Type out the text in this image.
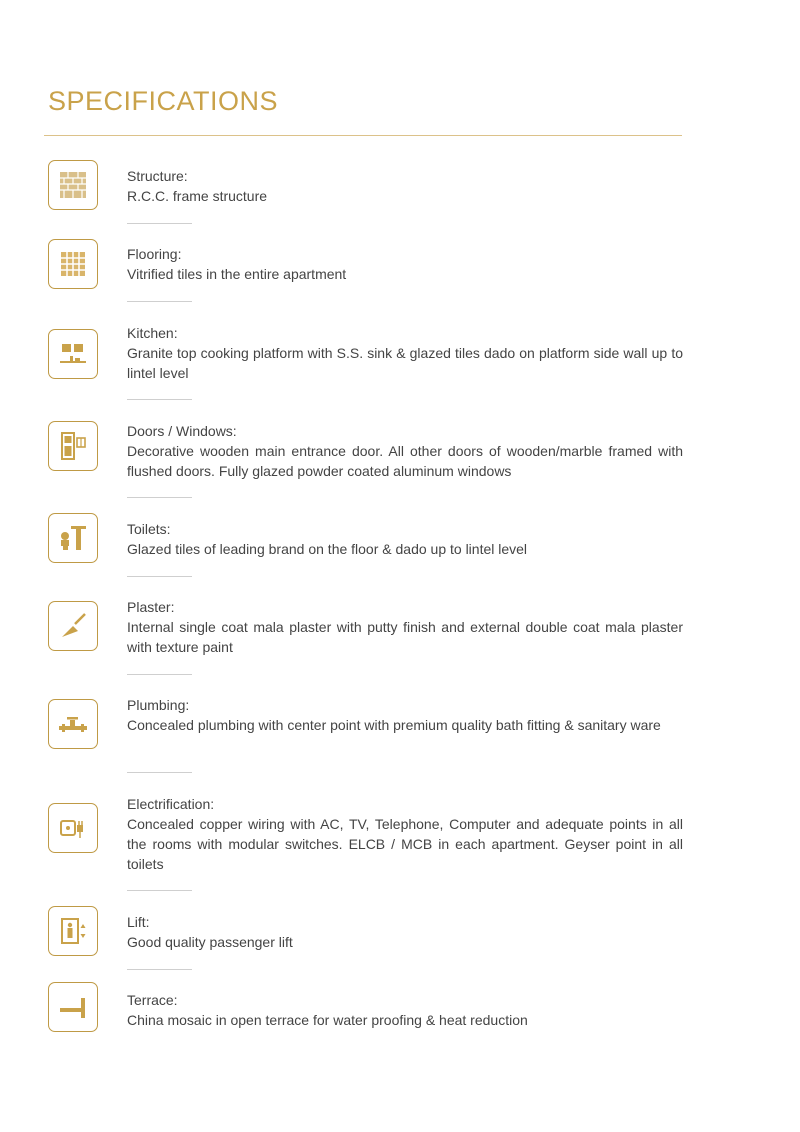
SPECIFICATIONS
Structure:
R.C.C. frame structure
Flooring:
Vitrified tiles in the entire apartment
Kitchen:
Granite top cooking platform with S.S. sink & glazed tiles dado on platform side wall up to lintel level
Doors / Windows:
Decorative wooden main entrance door. All other doors of wooden/marble framed with flushed doors. Fully glazed powder coated aluminum windows
Toilets:
Glazed tiles of leading brand on the floor & dado up to lintel level
Plaster:
Internal single coat mala plaster with putty finish and external double coat mala plaster with texture paint
Plumbing:
Concealed plumbing with center point with premium quality bath fitting & sanitary ware
Electrification:
Concealed copper wiring with AC, TV, Telephone, Computer and adequate points in all the rooms with modular switches. ELCB / MCB in each apartment. Geyser point in all toilets
Lift:
Good quality passenger lift
Terrace:
China mosaic in open terrace for water proofing & heat reduction
